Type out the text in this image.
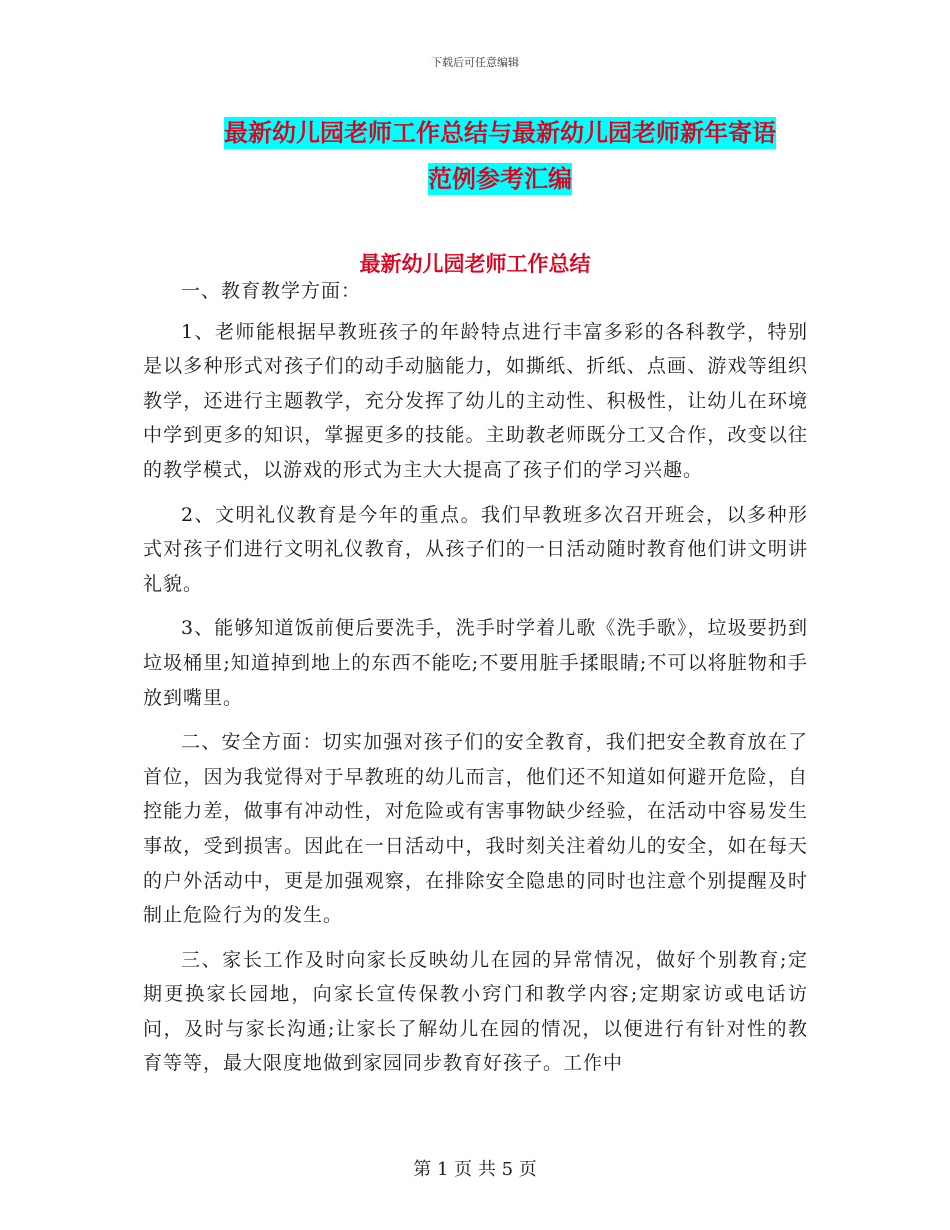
下载后可任意编辑
最新幼儿园老师工作总结与最新幼儿园老师新年寄语
范例参考汇编
最新幼儿园老师工作总结

一、教育教学方面：

1、老师能根据早教班孩子的年龄特点进行丰富多彩的各科教学，特别是以多种形式对孩子们的动手动脑能力，如撕纸、折纸、点画、游戏等组织教学，还进行主题教学，充分发挥了幼儿的主动性、积极性，让幼儿在环境中学到更多的知识，掌握更多的技能。主助教老师既分工又合作，改变以往的教学模式，以游戏的形式为主大大提高了孩子们的学习兴趣。

2、文明礼仪教育是今年的重点。我们早教班多次召开班会，以多种形式对孩子们进行文明礼仪教育，从孩子们的一日活动随时教育他们讲文明讲礼貌。

3、能够知道饭前便后要洗手，洗手时学着儿歌《洗手歌》，垃圾要扔到垃圾桶里;知道掉到地上的东西不能吃;不要用脏手揉眼睛;不可以将脏物和手放到嘴里。

二、安全方面：切实加强对孩子们的安全教育，我们把安全教育放在了首位，因为我觉得对于早教班的幼儿而言，他们还不知道如何避开危险，自控能力差，做事有冲动性，对危险或有害事物缺少经验，在活动中容易发生事故，受到损害。因此在一日活动中，我时刻关注着幼儿的安全，如在每天的户外活动中，更是加强观察，在排除安全隐患的同时也注意个别提醒及时制止危险行为的发生。

三、家长工作及时向家长反映幼儿在园的异常情况，做好个别教育;定期更换家长园地，向家长宣传保教小窍门和教学内容;定期家访或电话访问，及时与家长沟通;让家长了解幼儿在园的情况，以便进行有针对性的教育等等，最大限度地做到家园同步教育好孩子。工作中

第 1 页 共 5 页
